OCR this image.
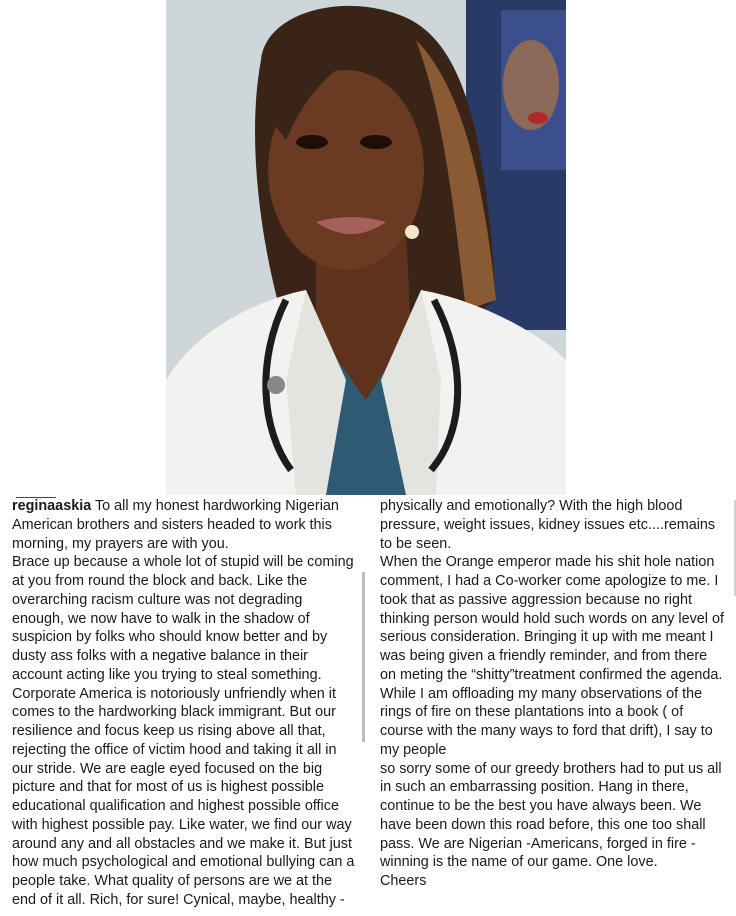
reginaaskia To all my honest hardworking Nigerian American brothers and sisters headed to work this morning, my prayers are with you.

Brace up because a whole lot of stupid will be coming at you from round the block and back. Like the overarching racism culture was not degrading enough, we now have to walk in the shadow of suspicion by folks who should know better and by dusty ass folks with a negative balance in their account acting like you trying to steal something.

Corporate America is notoriously unfriendly when it comes to the hardworking black immigrant. But our resilience and focus keep us rising above all that, rejecting the office of victim hood and taking it all in our stride. We are eagle eyed focused on the big picture and that for most of us is highest possible educational qualification and highest possible office with highest possible pay. Like water, we find our way around any and all obstacles and we make it. But just how much psychological and emotional bullying can a people take. What quality of persons are we at the end of it all. Rich, for sure! Cynical, maybe, healthy -

physically and emotionally? With the high blood pressure, weight issues, kidney issues etc....remains to be seen.

When the Orange emperor made his shit hole nation comment, I had a Co-worker come apologize to me. I took that as passive aggression because no right thinking person would hold such words on any level of serious consideration. Bringing it up with me meant I was being given a friendly reminder, and from there on meting the “shitty”treatment confirmed the agenda.

While I am offloading my many observations of the rings of fire on these plantations into a book ( of course with the many ways to ford that drift), I say to my people

so sorry some of our greedy brothers had to put us all in such an embarrassing position. Hang in there, continue to be the best you have always been. We have been down this road before, this one too shall pass. We are Nigerian -Americans, forged in fire - winning is the name of our game. One love.

Cheers
